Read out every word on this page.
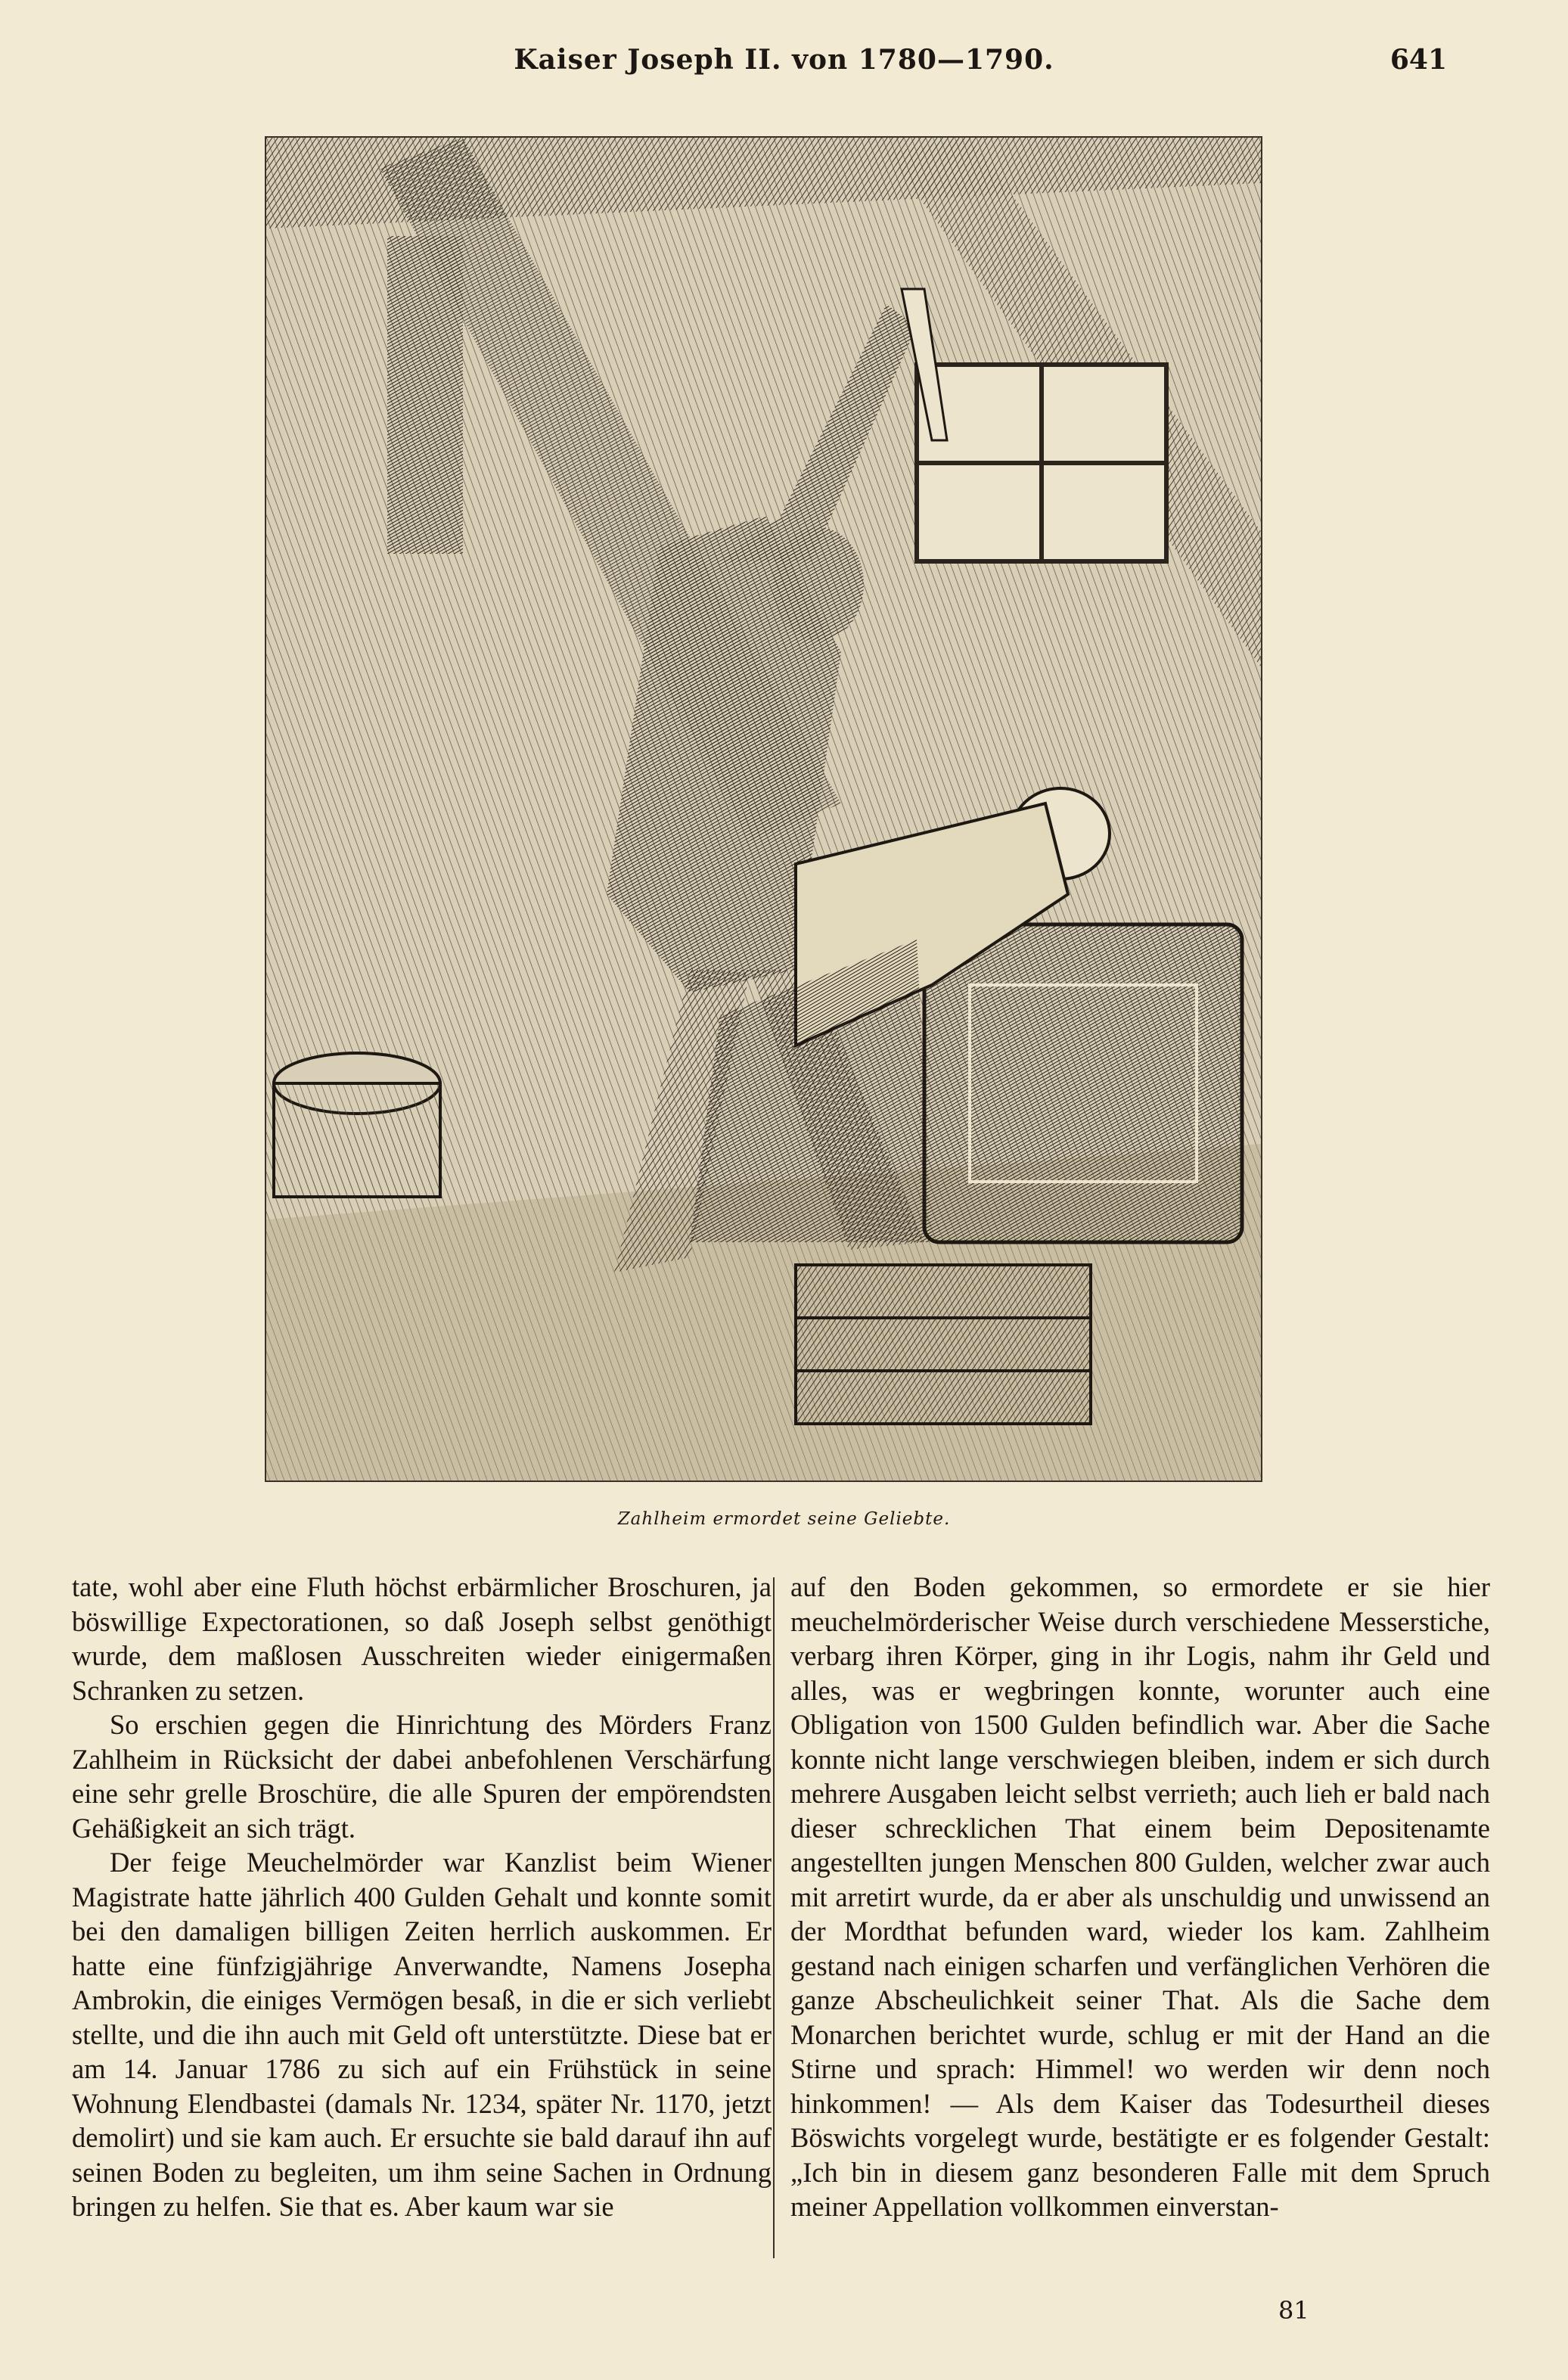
Kaiser Joseph II. von 1780—1790.	641
Zahlheim ermordet seine Geliebte.

tate, wohl aber eine Fluth höchst erbärmlicher Broschuren, ja böswillige Expectorationen, so daß Joseph selbst genöthigt wurde, dem maßlosen Ausschreiten wieder einigermaßen Schranken zu setzen.

So erschien gegen die Hinrichtung des Mörders Franz Zahlheim in Rücksicht der dabei anbefohlenen Verschärfung eine sehr grelle Broschüre, die alle Spuren der empörendsten Gehäßigkeit an sich trägt.

Der feige Meuchelmörder war Kanzlist beim Wiener Magistrate hatte jährlich 400 Gulden Gehalt und konnte somit bei den damaligen billigen Zeiten herrlich auskommen. Er hatte eine fünfzigjährige Anverwandte, Namens Josepha Ambrokin, die einiges Vermögen besaß, in die er sich verliebt stellte, und die ihn auch mit Geld oft unterstützte. Diese bat er am 14. Januar 1786 zu sich auf ein Frühstück in seine Wohnung Elendbastei (damals Nr. 1234, später Nr. 1170, jetzt demolirt) und sie kam auch. Er ersuchte sie bald darauf ihn auf seinen Boden zu begleiten, um ihm seine Sachen in Ordnung bringen zu helfen. Sie that es. Aber kaum war sie

auf den Boden gekommen, so ermordete er sie hier meuchelmörderischer Weise durch verschiedene Messerstiche, verbarg ihren Körper, ging in ihr Logis, nahm ihr Geld und alles, was er wegbringen konnte, worunter auch eine Obligation von 1500 Gulden befindlich war. Aber die Sache konnte nicht lange verschwiegen bleiben, indem er sich durch mehrere Ausgaben leicht selbst verrieth; auch lieh er bald nach dieser schrecklichen That einem beim Depositenamte angestellten jungen Menschen 800 Gulden, welcher zwar auch mit arretirt wurde, da er aber als unschuldig und unwissend an der Mordthat befunden ward, wieder los kam. Zahlheim gestand nach einigen scharfen und verfänglichen Verhören die ganze Abscheulichkeit seiner That. Als die Sache dem Monarchen berichtet wurde, schlug er mit der Hand an die Stirne und sprach: Himmel! wo werden wir denn noch hinkommen! — Als dem Kaiser das Todesurtheil dieses Böswichts vorgelegt wurde, bestätigte er es folgender Gestalt: „Ich bin in diesem ganz besonderen Falle mit dem Spruch meiner Appellation vollkommen einverstan-

81
